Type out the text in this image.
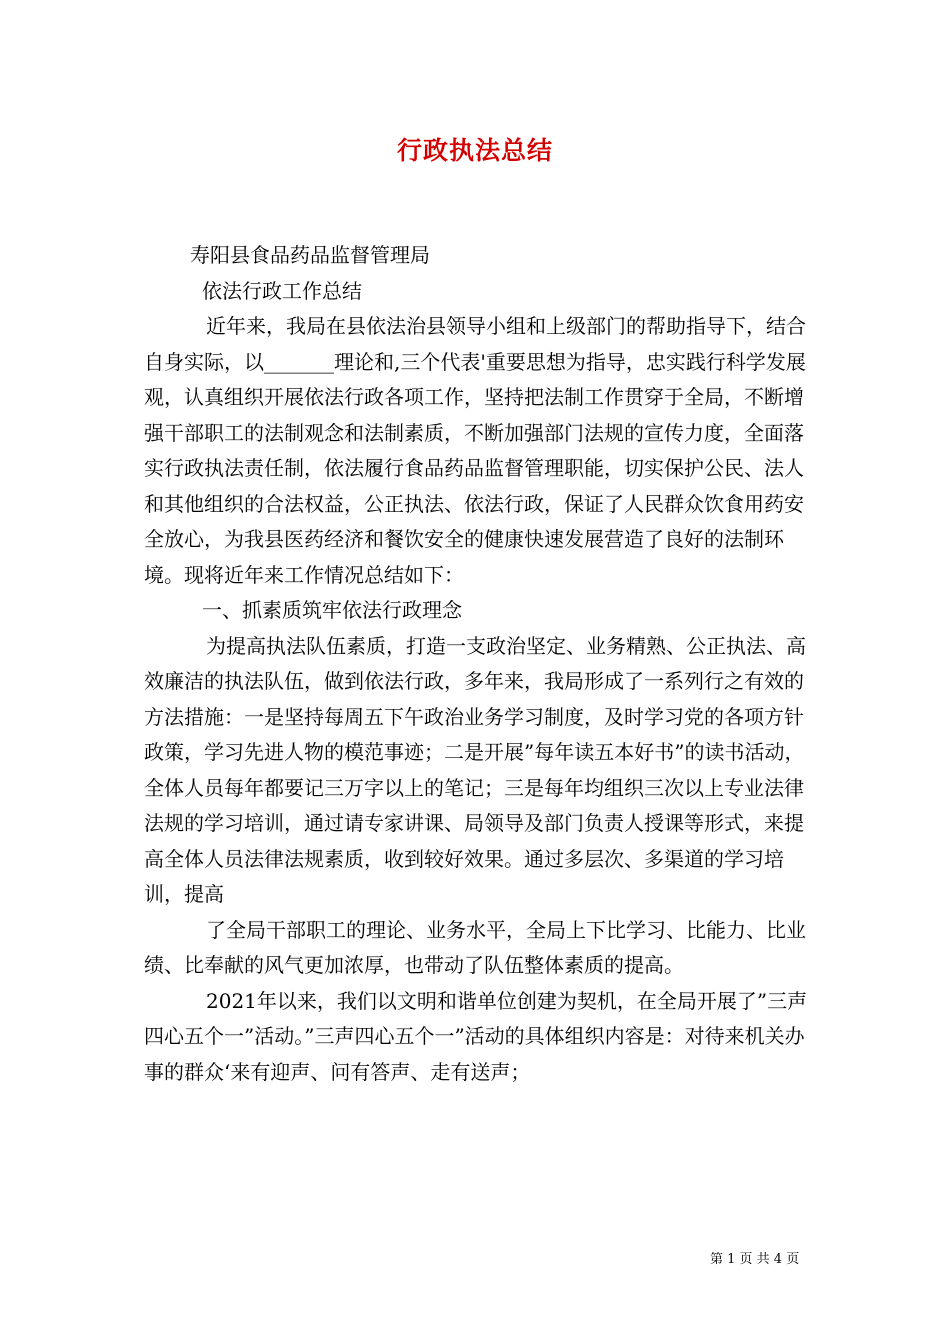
行政执法总结

寿阳县食品药品监督管理局

依法行政工作总结

近年来，我局在县依法治县领导小组和上级部门的帮助指导下，结合自身实际，以_______理论和,三个代表'重要思想为指导，忠实践行科学发展观，认真组织开展依法行政各项工作，坚持把法制工作贯穿于全局，不断增强干部职工的法制观念和法制素质，不断加强部门法规的宣传力度，全面落实行政执法责任制，依法履行食品药品监督管理职能，切实保护公民、法人和其他组织的合法权益，公正执法、依法行政，保证了人民群众饮食用药安全放心，为我县医药经济和餐饮安全的健康快速发展营造了良好的法制环境。现将近年来工作情况总结如下：

一、抓素质筑牢依法行政理念

为提高执法队伍素质，打造一支政治坚定、业务精熟、公正执法、高效廉洁的执法队伍，做到依法行政，多年来，我局形成了一系列行之有效的方法措施：一是坚持每周五下午政治业务学习制度，及时学习党的各项方针政策，学习先进人物的模范事迹；二是开展”每年读五本好书”的读书活动，全体人员每年都要记三万字以上的笔记；三是每年均组织三次以上专业法律法规的学习培训，通过请专家讲课、局领导及部门负责人授课等形式，来提高全体人员法律法规素质，收到较好效果。通过多层次、多渠道的学习培训，提高

了全局干部职工的理论、业务水平，全局上下比学习、比能力、比业绩、比奉献的风气更加浓厚，也带动了队伍整体素质的提高。

2021年以来，我们以文明和谐单位创建为契机，在全局开展了”三声四心五个一”活动。”三声四心五个一”活动的具体组织内容是：对待来机关办事的群众‘来有迎声、问有答声、走有送声；

第 1 页 共 4 页
